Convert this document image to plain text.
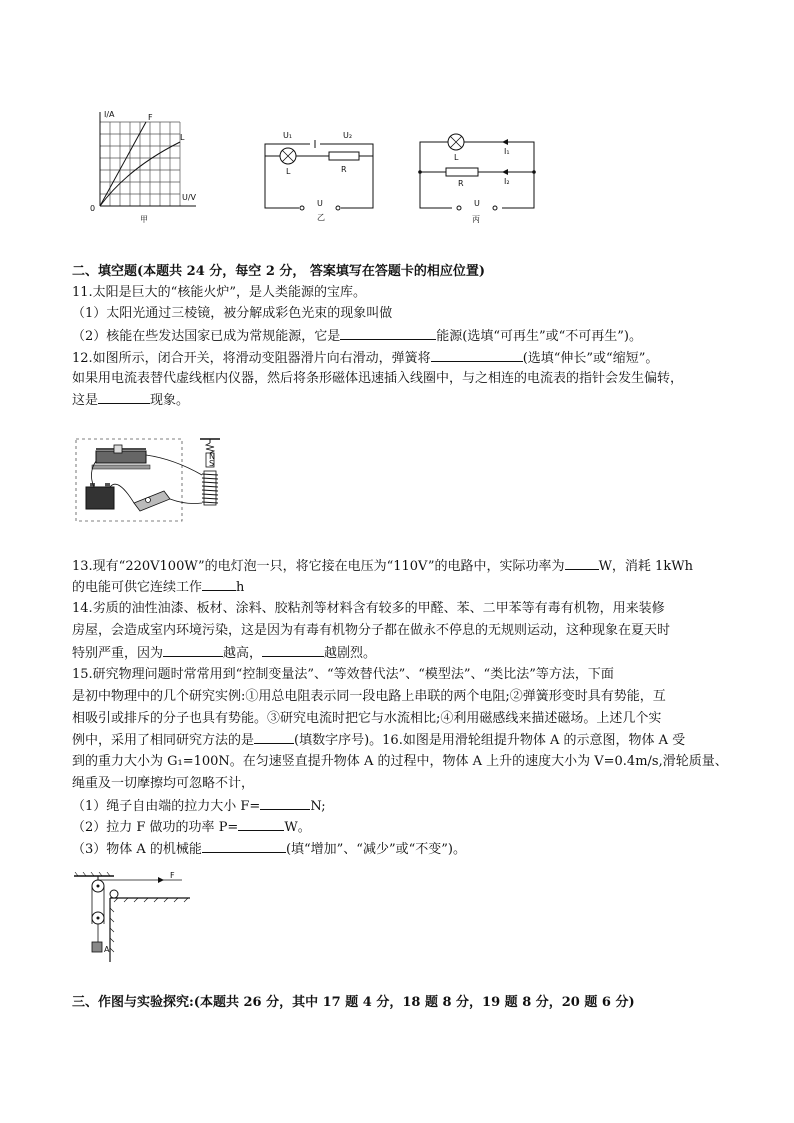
I/A	F
L
0
U/V
甲
U₁	U₂
L	R
U
乙
L
I₁
R	I₂
U
丙
二、填空题(本题共 24 分，每空 2 分， 答案填写在答题卡的相应位置)
11.太阳是巨大的“核能火炉”，是人类能源的宝库。
（1）太阳光通过三棱镜，被分解成彩色光束的现象叫做
（2）核能在些发达国家已成为常规能源，它是	能源(选填“可再生”或“不可再生”)。
12.如图所示，闭合开关，将滑动变阻器滑片向右滑动，弹簧将	(选填“伸长”或“缩短”。
如果用电流表替代虚线框内仪器，然后将条形磁体迅速插入线圈中，与之相连的电流表的指针会发生偏转，
这是	现象。
N
S
13.现有“220V100W”的电灯泡一只，将它接在电压为“110V”的电路中，实际功率为	W，消耗 1kWh
的电能可供它连续工作	h
14.劣质的油性油漆、板材、涂料、胶粘剂等材料含有较多的甲醛、苯、二甲苯等有毒有机物，用来装修
房屋，会造成室内环境污染，这是因为有毒有机物分子都在做永不停息的无规则运动，这种现象在夏天时
特别严重，因为	越高，	越剧烈。
15.研究物理问题时常常用到“控制变量法”、“等效替代法”、“模型法”、“类比法”等方法，下面
是初中物理中的几个研究实例:①用总电阻表示同一段电路上串联的两个电阻;②弹簧形变时具有势能，互
相吸引或排斥的分子也具有势能。③研究电流时把它与水流相比;④利用磁感线来描述磁场。上述几个实
例中，采用了相同研究方法的是	(填数字序号)。16.如图是用滑轮组提升物体 A 的示意图，物体 A 受
到的重力大小为 G₁=100N。在匀速竖直提升物体 A 的过程中，物体 A 上升的速度大小为 V=0.4m/s,滑轮质量、
绳重及一切摩擦均可忽略不计，
（1）绳子自由端的拉力大小 F=	N;
（2）拉力 F 做功的功率 P=	W。
（3）物体 A 的机械能	(填“增加”、“减少”或“不变”)。
A
F
三、作图与实验探究:(本题共 26 分，其中 17 题 4 分，18 题 8 分，19 题 8 分，20 题 6 分)
